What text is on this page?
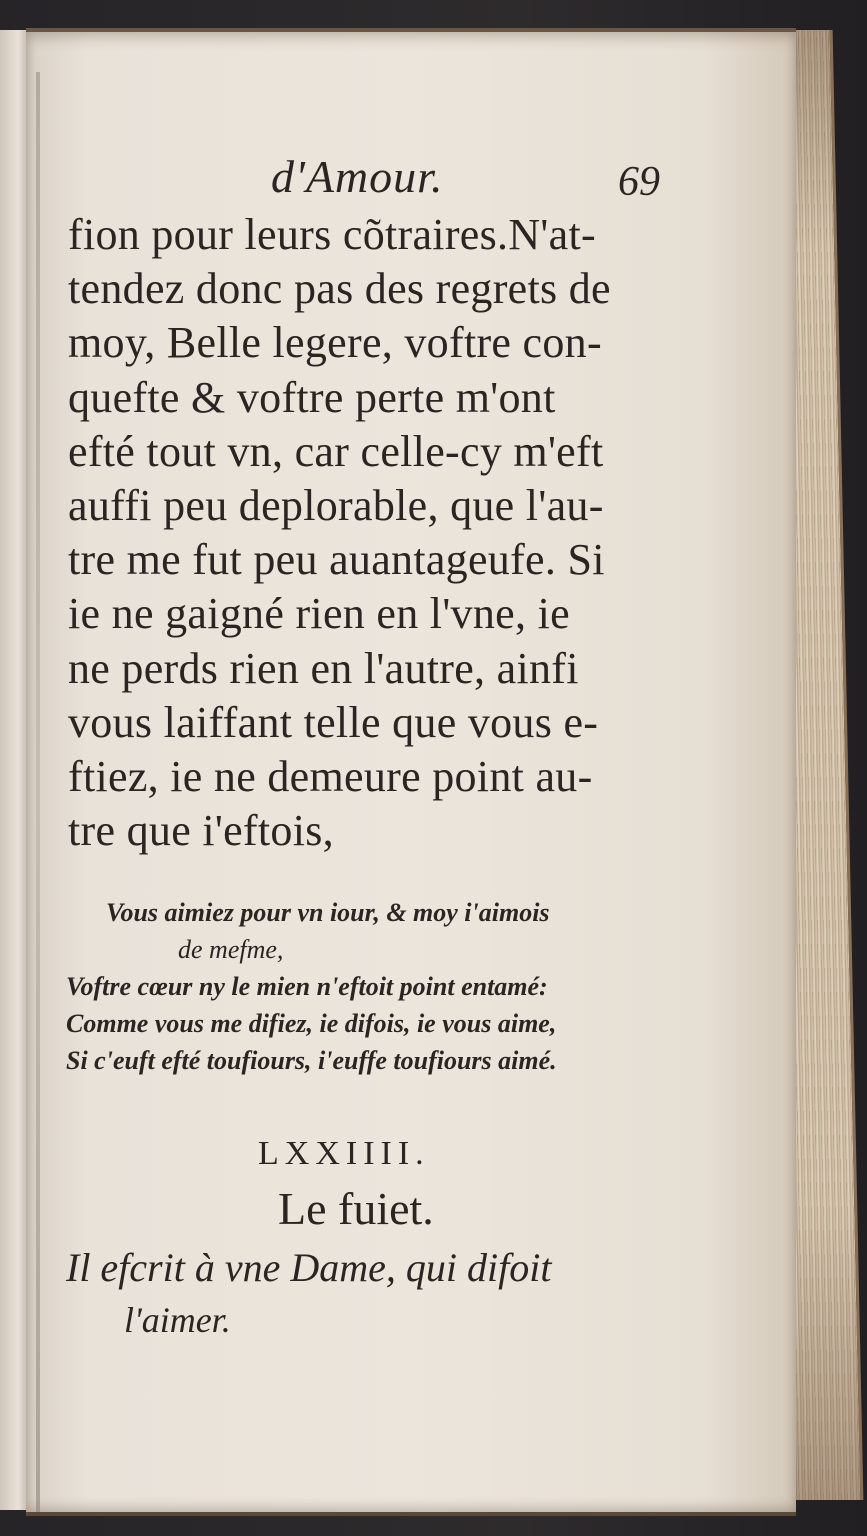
d'Amour.	69
fion pour leurs cõtraires.N'at-
tendez donc pas des regrets de
moy, Belle legere, voftre con-
quefte & voftre perte m'ont
efté tout vn, car celle-cy m'eft
auffi peu deplorable, que l'au-
tre me fut peu auantageufe. Si
ie ne gaigné rien en l'vne, ie
ne perds rien en l'autre, ainfi
vous laiffant telle que vous e-
ftiez, ie ne demeure point au-
tre que i'eftois,
Vous aimiez pour vn iour, & moy i'aimois
de mefme,
Voftre cœur ny le mien n'eftoit point entamé:
Comme vous me difiez, ie difois, ie vous aime,
Si c'euft efté toufiours, i'euffe toufiours aimé.
LXXIIII.
Le fuiet.
Il efcrit à vne Dame, qui difoit
l'aimer.
